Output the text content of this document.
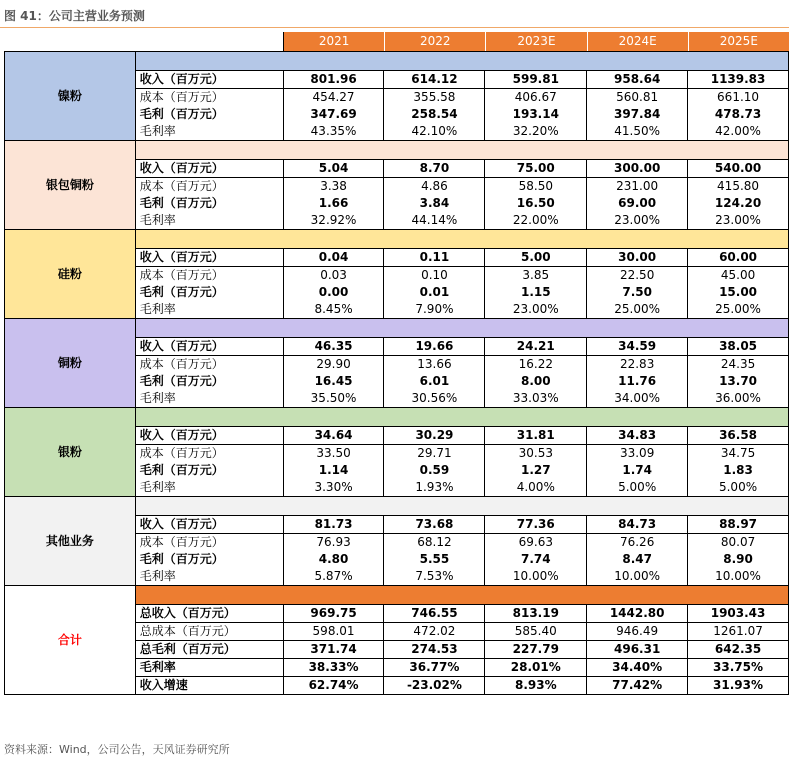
图 41：公司主营业务预测
2021	2022	2023E	2024E	2025E
镍粉						
	收入（百万元）	801.96	614.12	599.81	958.64	1139.83
	成本（百万元）	454.27	355.58	406.67	560.81	661.10
	毛利（百万元）	347.69	258.54	193.14	397.84	478.73
	毛利率	43.35%	42.10%	32.20%	41.50%	42.00%
银包铜粉						
	收入（百万元）	5.04	8.70	75.00	300.00	540.00
	成本（百万元）	3.38	4.86	58.50	231.00	415.80
	毛利（百万元）	1.66	3.84	16.50	69.00	124.20
	毛利率	32.92%	44.14%	22.00%	23.00%	23.00%
硅粉						
	收入（百万元）	0.04	0.11	5.00	30.00	60.00
	成本（百万元）	0.03	0.10	3.85	22.50	45.00
	毛利（百万元）	0.00	0.01	1.15	7.50	15.00
	毛利率	8.45%	7.90%	23.00%	25.00%	25.00%
铜粉						
	收入（百万元）	46.35	19.66	24.21	34.59	38.05
	成本（百万元）	29.90	13.66	16.22	22.83	24.35
	毛利（百万元）	16.45	6.01	8.00	11.76	13.70
	毛利率	35.50%	30.56%	33.03%	34.00%	36.00%
银粉						
	收入（百万元）	34.64	30.29	31.81	34.83	36.58
	成本（百万元）	33.50	29.71	30.53	33.09	34.75
	毛利（百万元）	1.14	0.59	1.27	1.74	1.83
	毛利率	3.30%	1.93%	4.00%	5.00%	5.00%
其他业务						
	收入（百万元）	81.73	73.68	77.36	84.73	88.97
	成本（百万元）	76.93	68.12	69.63	76.26	80.07
	毛利（百万元）	4.80	5.55	7.74	8.47	8.90
	毛利率	5.87%	7.53%	10.00%	10.00%	10.00%
合计						
	总收入（百万元）	969.75	746.55	813.19	1442.80	1903.43
	总成本（百万元）	598.01	472.02	585.40	946.49	1261.07
	总毛利（百万元）	371.74	274.53	227.79	496.31	642.35
	毛利率	38.33%	36.77%	28.01%	34.40%	33.75%
	收入增速	62.74%	-23.02%	8.93%	77.42%	31.93%
资料来源：Wind，公司公告，天风证券研究所
